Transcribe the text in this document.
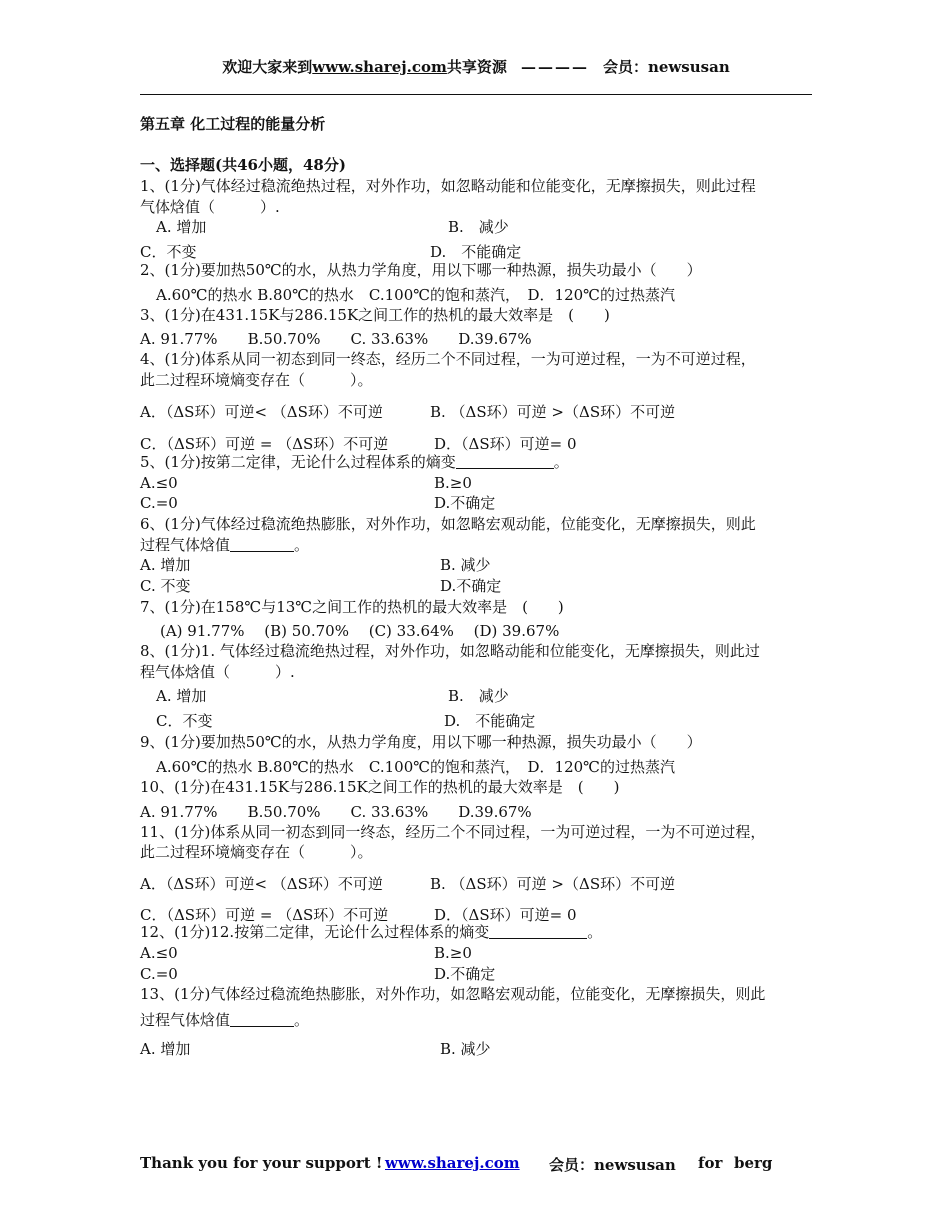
欢迎大家来到www.sharej.com共享资源 ———— 会员：newsusan
第五章 化工过程的能量分析
一、选择题(共46小题，48分)
1、(1分)气体经过稳流绝热过程，对外作功，如忽略动能和位能变化，无摩擦损失，则此过程
气体焓值（　　　）.
A. 增加	B.　减少
C．不变	D.　不能确定
2、(1分)要加热50℃的水，从热力学角度，用以下哪一种热源，损失功最小（　　）
A.60℃的热水 B.80℃的热水　C.100℃的饱和蒸汽，　D．120℃的过热蒸汽
3、(1分)在431.15K与286.15K之间工作的热机的最大效率是　(　　)
A. 91.77%　　B.50.70%　　C. 33.63%　　D.39.67%
4、(1分)体系从同一初态到同一终态，经历二个不同过程，一为可逆过程，一为不可逆过程，
此二过程环境熵变存在（　　　）。
A．（ΔS环）可逆< （ΔS环）不可逆	B. （ΔS环）可逆 >（ΔS环）不可逆
C．（ΔS环）可逆 = （ΔS环）不可逆	D．（ΔS环）可逆= 0
5、(1分)按第二定律，无论什么过程体系的熵变	。
A.≤0	B.≥0
C.=0	D.不确定
6、(1分)气体经过稳流绝热膨胀，对外作功，如忽略宏观动能，位能变化，无摩擦损失，则此
过程气体焓值	。
A. 增加	B. 减少
C. 不变	D.不确定
7、(1分)在158℃与13℃之间工作的热机的最大效率是　(　　)
(A) 91.77%　 (B) 50.70%　 (C) 33.64%　 (D) 39.67%
8、(1分)1. 气体经过稳流绝热过程，对外作功，如忽略动能和位能变化，无摩擦损失，则此过
程气体焓值（　　　）.
A. 增加	B.　减少
C．不变	D.　不能确定
9、(1分)要加热50℃的水，从热力学角度，用以下哪一种热源，损失功最小（　　）
A.60℃的热水 B.80℃的热水　C.100℃的饱和蒸汽，　D．120℃的过热蒸汽
10、(1分)在431.15K与286.15K之间工作的热机的最大效率是　(　　)
A. 91.77%　　B.50.70%　　C. 33.63%　　D.39.67%
11、(1分)体系从同一初态到同一终态，经历二个不同过程，一为可逆过程，一为不可逆过程，
此二过程环境熵变存在（　　　）。
A．（ΔS环）可逆< （ΔS环）不可逆	B. （ΔS环）可逆 >（ΔS环）不可逆
C．（ΔS环）可逆 = （ΔS环）不可逆	D．（ΔS环）可逆= 0
12、(1分)12.按第二定律，无论什么过程体系的熵变	。
A.≤0	B.≥0
C.=0	D.不确定
13、(1分)气体经过稳流绝热膨胀，对外作功，如忽略宏观动能，位能变化，无摩擦损失，则此
过程气体焓值	。
A. 增加	B. 减少
Thank you for your support ! www.sharej.com 会员：newsusan for berg
